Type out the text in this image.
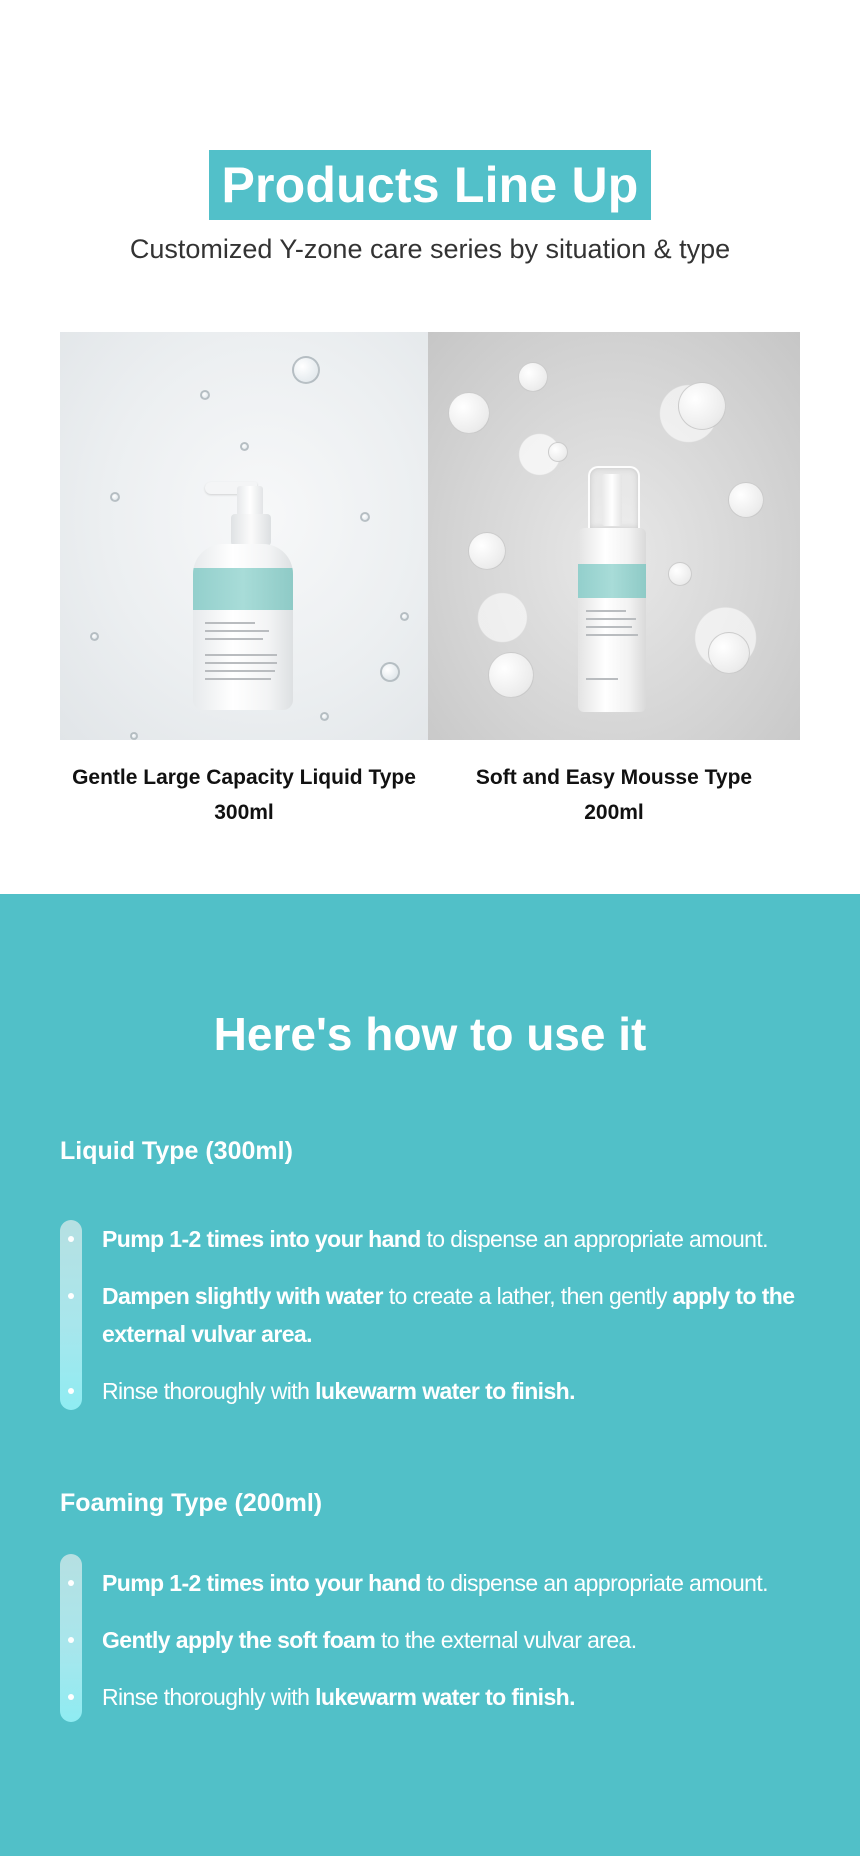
Products Line Up
Customized Y-zone care series by situation & type
Gentle Large Capacity Liquid Type
300ml
Soft and Easy Mousse Type
200ml
Here's how to use it
Liquid Type (300ml)
Pump 1-2 times into your hand to dispense an appropriate amount.
Dampen slightly with water to create a lather, then gently apply to the external vulvar area.
Rinse thoroughly with lukewarm water to finish.
Foaming Type (200ml)
Pump 1-2 times into your hand to dispense an appropriate amount.
Gently apply the soft foam to the external vulvar area.
Rinse thoroughly with lukewarm water to finish.
